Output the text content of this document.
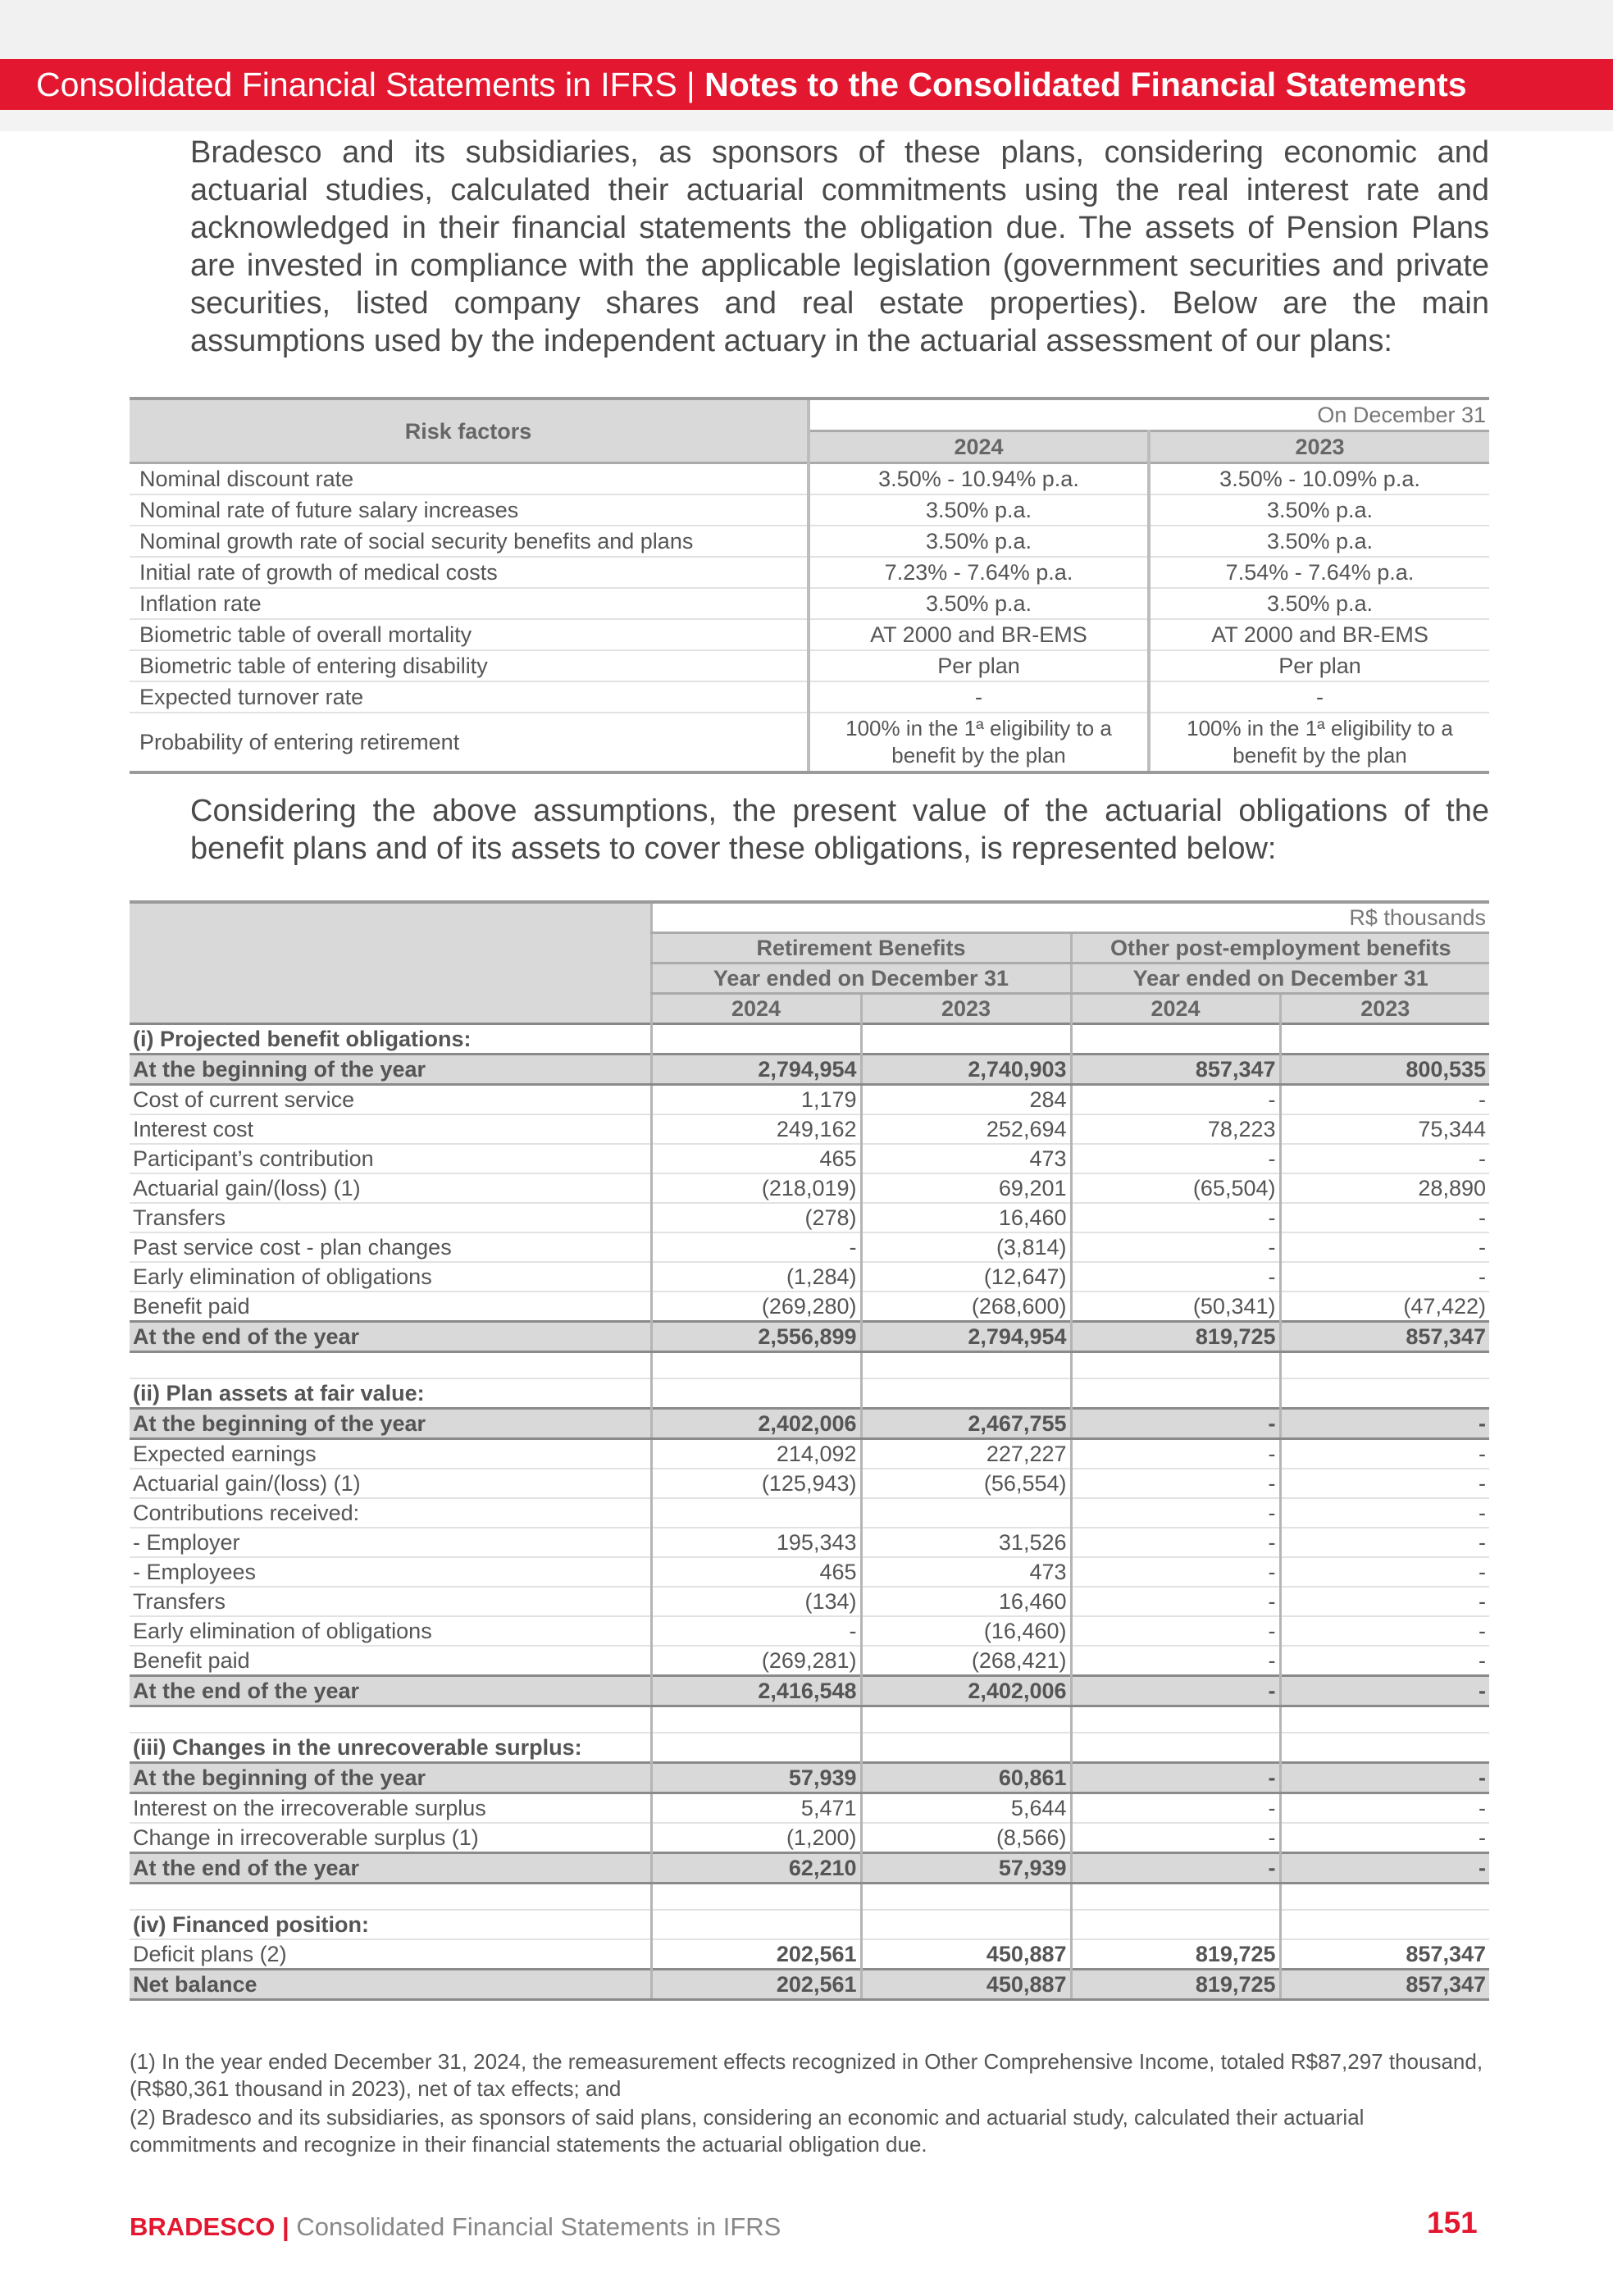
Consolidated Financial Statements in IFRS | Notes to the Consolidated Financial Statements

Bradesco and its subsidiaries, as sponsors of these plans, considering economic and actuarial studies, calculated their actuarial commitments using the real interest rate and acknowledged in their financial statements the obligation due. The assets of Pension Plans are invested in compliance with the applicable legislation (government securities and private securities, listed company shares and real estate properties). Below are the main assumptions used by the independent actuary in the actuarial assessment of our plans:

Risk factors	On December 31	
	2024	2023
Nominal discount rate	3.50% - 10.94% p.a.	3.50% - 10.09% p.a.
Nominal rate of future salary increases	3.50% p.a.	3.50% p.a.
Nominal growth rate of social security benefits and plans	3.50% p.a.	3.50% p.a.
Initial rate of growth of medical costs	7.23% - 7.64% p.a.	7.54% - 7.64% p.a.
Inflation rate	3.50% p.a.	3.50% p.a.
Biometric table of overall mortality	AT 2000 and BR-EMS	AT 2000 and BR-EMS
Biometric table of entering disability	Per plan	Per plan
Expected turnover rate	-	-
Probability of entering retirement	100% in the 1ª eligibility to a benefit by the plan	100% in the 1ª eligibility to a benefit by the plan

Considering the above assumptions, the present value of the actuarial obligations of the benefit plans and of its assets to cover these obligations, is represented below:

	R$ thousands			
	Retirement Benefits		Other post-employment benefits	
	Year ended on December 31		Year ended on December 31	
	2024	2023	2024	2023
(i) Projected benefit obligations:				
At the beginning of the year	2,794,954	2,740,903	857,347	800,535
Cost of current service	1,179	284	-	-
Interest cost	249,162	252,694	78,223	75,344
Participant’s contribution	465	473	-	-
Actuarial gain/(loss) (1)	(218,019)	69,201	(65,504)	28,890
Transfers	(278)	16,460	-	-
Past service cost - plan changes	-	(3,814)	-	-
Early elimination of obligations	(1,284)	(12,647)	-	-
Benefit paid	(269,280)	(268,600)	(50,341)	(47,422)
At the end of the year	2,556,899	2,794,954	819,725	857,347

(ii) Plan assets at fair value:				
At the beginning of the year	2,402,006	2,467,755	-	-
Expected earnings	214,092	227,227	-	-
Actuarial gain/(loss) (1)	(125,943)	(56,554)	-	-
Contributions received:			-	-
- Employer	195,343	31,526	-	-
- Employees	465	473	-	-
Transfers	(134)	16,460	-	-
Early elimination of obligations	-	(16,460)	-	-
Benefit paid	(269,281)	(268,421)	-	-
At the end of the year	2,416,548	2,402,006	-	-

(iii) Changes in the unrecoverable surplus:				
At the beginning of the year	57,939	60,861	-	-
Interest on the irrecoverable surplus	5,471	5,644	-	-
Change in irrecoverable surplus (1)	(1,200)	(8,566)	-	-
At the end of the year	62,210	57,939	-	-

(iv) Financed position:				
Deficit plans (2)	202,561	450,887	819,725	857,347
Net balance	202,561	450,887	819,725	857,347

(1) In the year ended December 31, 2024, the remeasurement effects recognized in Other Comprehensive Income, totaled R$87,297 thousand, (R$80,361 thousand in 2023), net of tax effects; and

(2) Bradesco and its subsidiaries, as sponsors of said plans, considering an economic and actuarial study, calculated their actuarial commitments and recognize in their financial statements the actuarial obligation due.

BRADESCO | Consolidated Financial Statements in IFRS	151
